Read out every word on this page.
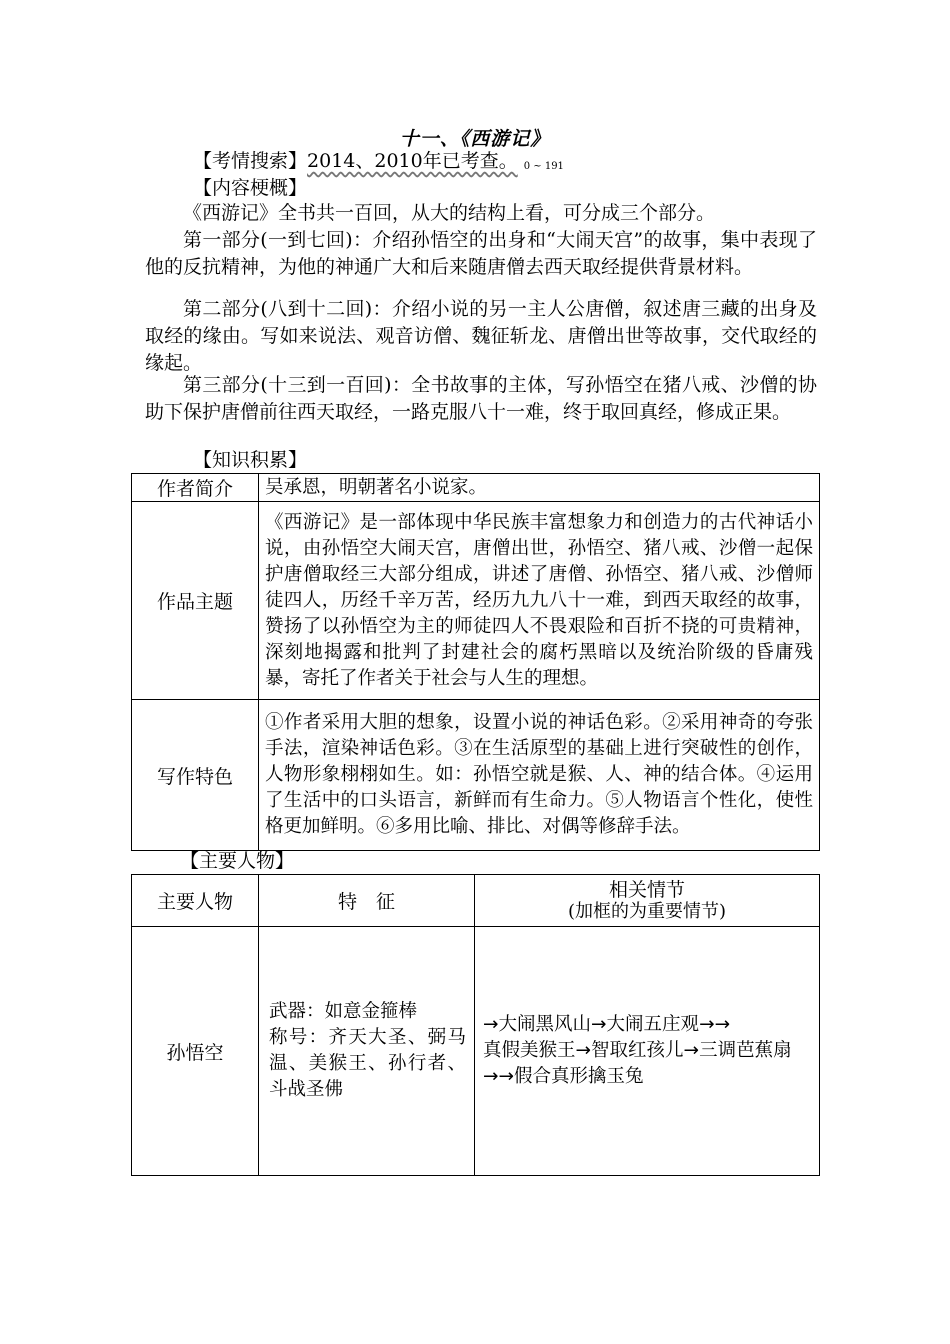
十一、《西游记》
【考情搜索】2014、2010年已考查。 0 ~ 191
【内容梗概】
《西游记》全书共一百回，从大的结构上看，可分成三个部分。
第一部分(一到七回)：介绍孙悟空的出身和“大闹天宫”的故事，集中表现了他的反抗精神，为他的神通广大和后来随唐僧去西天取经提供背景材料。
第二部分(八到十二回)：介绍小说的另一主人公唐僧，叙述唐三藏的出身及取经的缘由。写如来说法、观音访僧、魏征斩龙、唐僧出世等故事，交代取经的缘起。
第三部分(十三到一百回)：全书故事的主体，写孙悟空在猪八戒、沙僧的协助下保护唐僧前往西天取经，一路克服八十一难，终于取回真经，修成正果。
【知识积累】
作者简介	吴承恩，明朝著名小说家。
作品主题	《西游记》是一部体现中华民族丰富想象力和创造力的古代神话小说，由孙悟空大闹天宫，唐僧出世，孙悟空、猪八戒、沙僧一起保护唐僧取经三大部分组成，讲述了唐僧、孙悟空、猪八戒、沙僧师徒四人，历经千辛万苦，经历九九八十一难，到西天取经的故事，赞扬了以孙悟空为主的师徒四人不畏艰险和百折不挠的可贵精神，深刻地揭露和批判了封建社会的腐朽黑暗以及统治阶级的昏庸残暴，寄托了作者关于社会与人生的理想。
写作特色	①作者采用大胆的想象，设置小说的神话色彩。②采用神奇的夸张手法，渲染神话色彩。③在生活原型的基础上进行突破性的创作，人物形象栩栩如生。如：孙悟空就是猴、人、神的结合体。④运用了生活中的口头语言，新鲜而有生命力。⑤人物语言个性化，使性格更加鲜明。⑥多用比喻、排比、对偶等修辞手法。
【主要人物】
主要人物	特　征	相关情节
(加框的为重要情节)

孙悟空	武器：如意金箍棒
称号：齐天大圣、弼马温、美猴王、孙行者、斗战圣佛	→大闹黑风山→大闹五庄观→→
真假美猴王→智取红孩儿→三调芭蕉扇→→假合真形擒玉兔
